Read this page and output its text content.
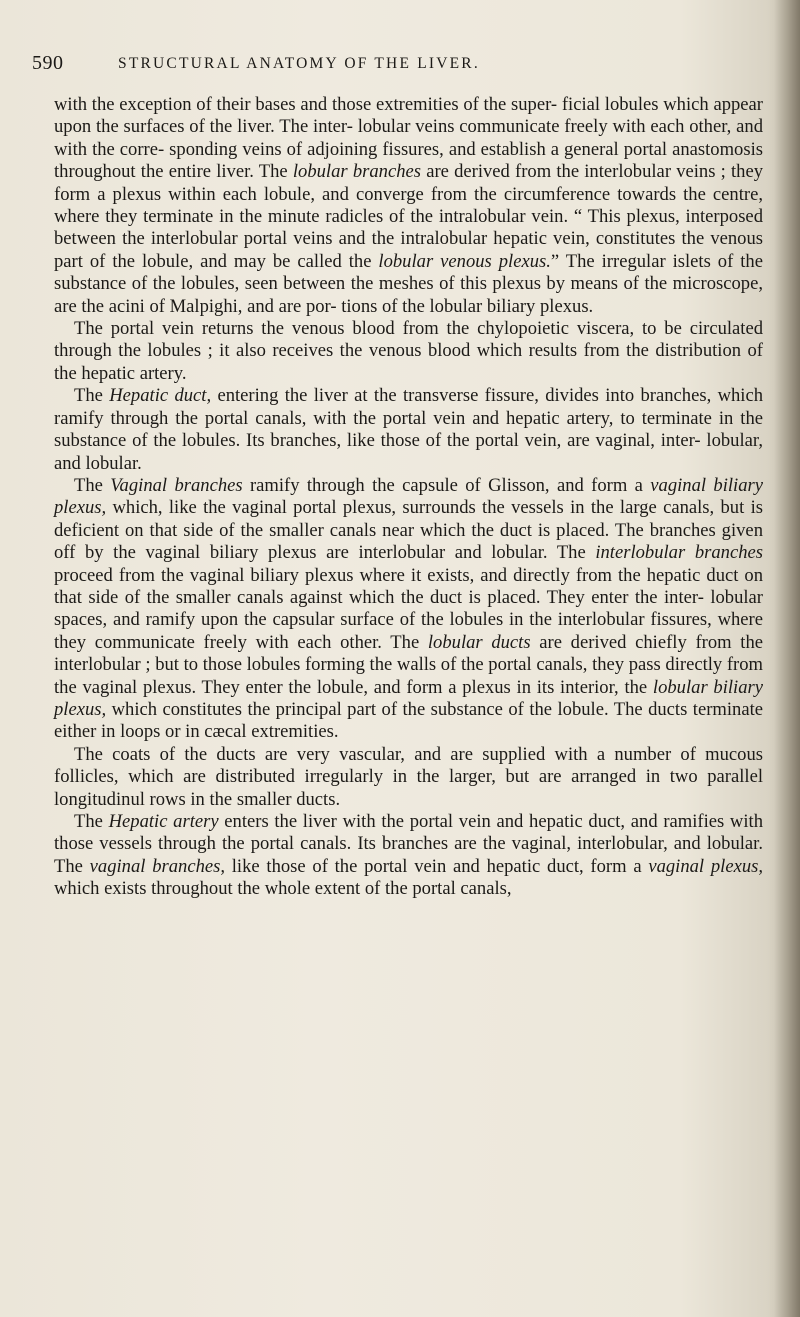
590	STRUCTURAL ANATOMY OF THE LIVER.

with the exception of their bases and those extremities of the super- ficial lobules which appear upon the surfaces of the liver. The inter- lobular veins communicate freely with each other, and with the corre- sponding veins of adjoining fissures, and establish a general portal anastomosis throughout the entire liver. The lobular branches are derived from the interlobular veins ; they form a plexus within each lobule, and converge from the circumference towards the centre, where they terminate in the minute radicles of the intralobular vein. “ This plexus, interposed between the interlobular portal veins and the intralobular hepatic vein, constitutes the venous part of the lobule, and may be called the lobular venous plexus.” The irregular islets of the substance of the lobules, seen between the meshes of this plexus by means of the microscope, are the acini of Malpighi, and are por- tions of the lobular biliary plexus.

The portal vein returns the venous blood from the chylopoietic viscera, to be circulated through the lobules ; it also receives the venous blood which results from the distribution of the hepatic artery.

The Hepatic duct, entering the liver at the transverse fissure, divides into branches, which ramify through the portal canals, with the portal vein and hepatic artery, to terminate in the substance of the lobules. Its branches, like those of the portal vein, are vaginal, inter- lobular, and lobular.

The Vaginal branches ramify through the capsule of Glisson, and form a vaginal biliary plexus, which, like the vaginal portal plexus, surrounds the vessels in the large canals, but is deficient on that side of the smaller canals near which the duct is placed. The branches given off by the vaginal biliary plexus are interlobular and lobular. The interlobular branches proceed from the vaginal biliary plexus where it exists, and directly from the hepatic duct on that side of the smaller canals against which the duct is placed. They enter the inter- lobular spaces, and ramify upon the capsular surface of the lobules in the interlobular fissures, where they communicate freely with each other. The lobular ducts are derived chiefly from the interlobular ; but to those lobules forming the walls of the portal canals, they pass directly from the vaginal plexus. They enter the lobule, and form a plexus in its interior, the lobular biliary plexus, which constitutes the principal part of the substance of the lobule. The ducts terminate either in loops or in cæcal extremities.

The coats of the ducts are very vascular, and are supplied with a number of mucous follicles, which are distributed irregularly in the larger, but are arranged in two parallel longitudinul rows in the smaller ducts.

The Hepatic artery enters the liver with the portal vein and hepatic duct, and ramifies with those vessels through the portal canals. Its branches are the vaginal, interlobular, and lobular. The vaginal branches, like those of the portal vein and hepatic duct, form a vaginal plexus, which exists throughout the whole extent of the portal canals,
